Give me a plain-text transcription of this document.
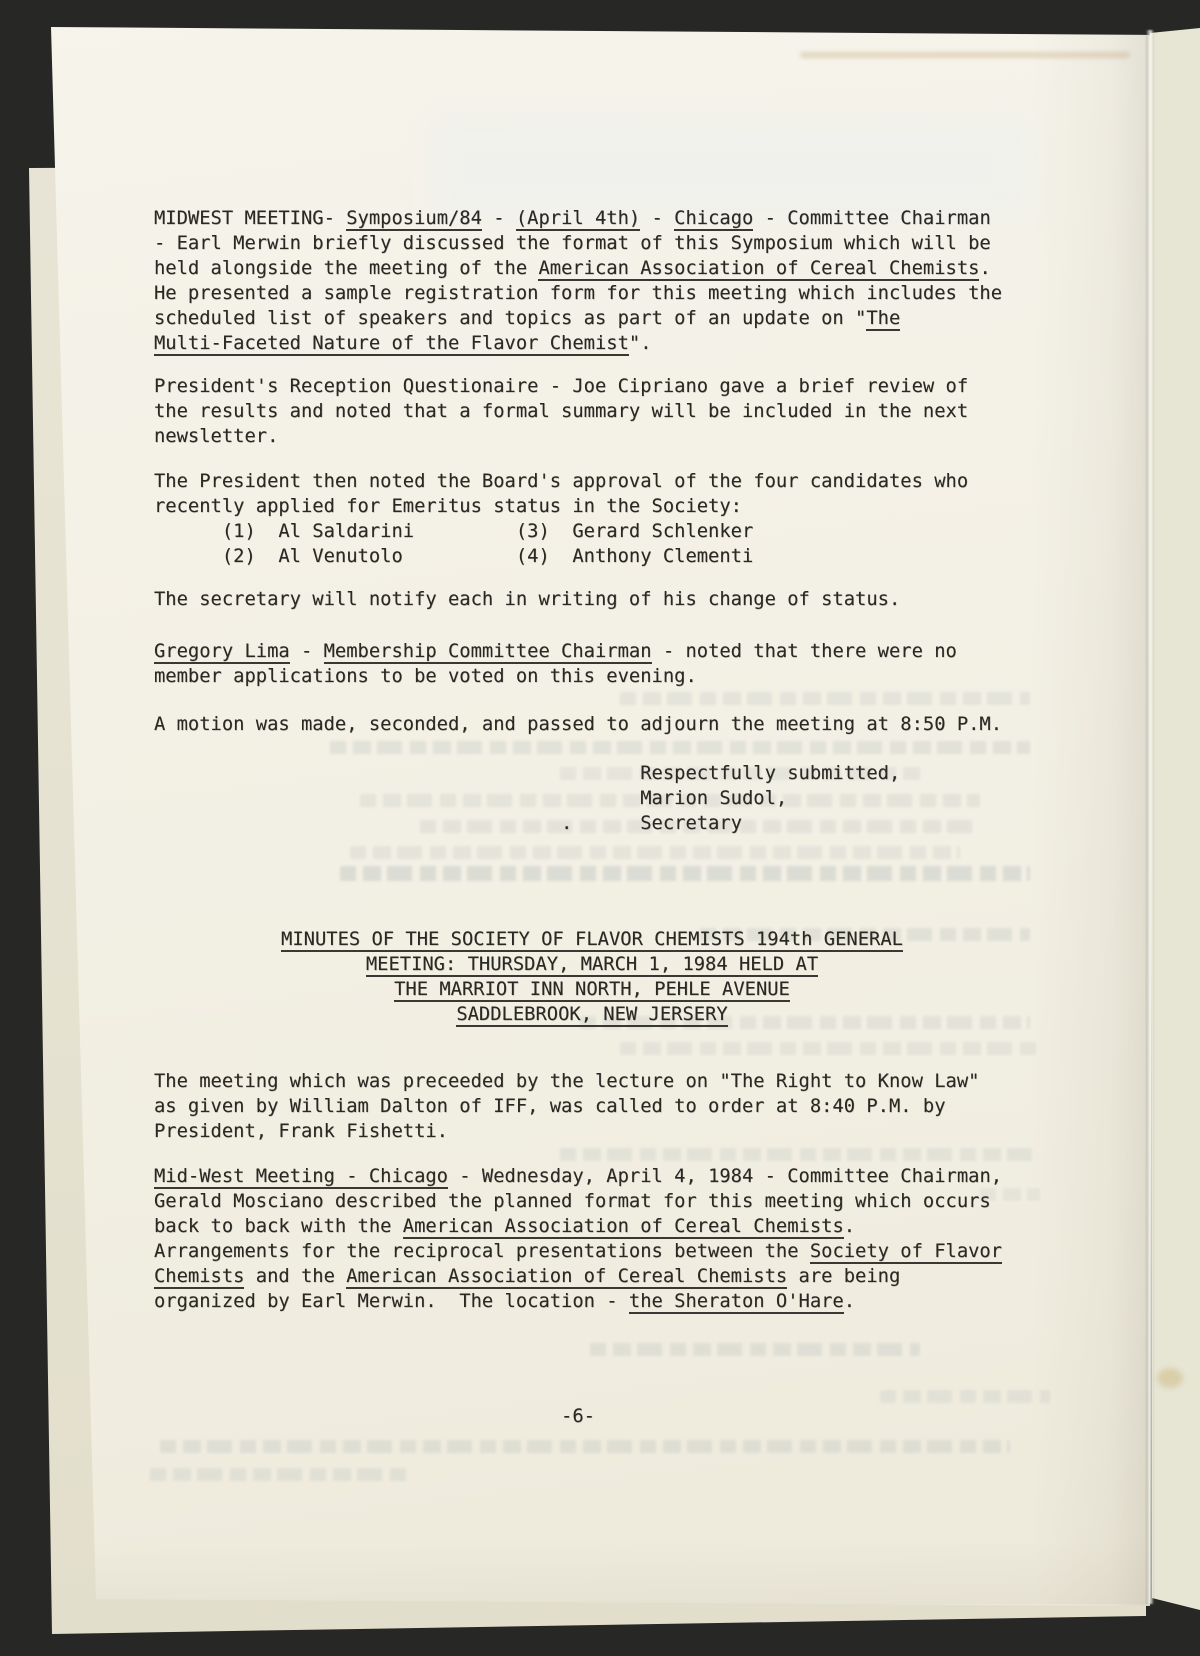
MIDWEST MEETING- Symposium/84 - (April 4th) - Chicago - Committee Chairman
- Earl Merwin briefly discussed the format of this Symposium which will be
held alongside the meeting of the American Association of Cereal Chemists.
He presented a sample registration form for this meeting which includes the
scheduled list of speakers and topics as part of an update on "The
Multi-Faceted Nature of the Flavor Chemist".
President's Reception Questionaire - Joe Cipriano gave a brief review of
the results and noted that a formal summary will be included in the next
newsletter.
The President then noted the Board's approval of the four candidates who
recently applied for Emeritus status in the Society:
(1)  Al Saldarini         (3)  Gerard Schlenker
(2)  Al Venutolo          (4)  Anthony Clementi
The secretary will notify each in writing of his change of status.
Gregory Lima - Membership Committee Chairman - noted that there were no
member applications to be voted on this evening.
A motion was made, seconded, and passed to adjourn the meeting at 8:50 P.M.
Respectfully submitted,
Marion Sudol,
.      Secretary
MINUTES OF THE SOCIETY OF FLAVOR CHEMISTS 194th GENERAL
MEETING: THURSDAY, MARCH 1, 1984 HELD AT
THE MARRIOT INN NORTH, PEHLE AVENUE
SADDLEBROOK, NEW JERSERY
The meeting which was preceeded by the lecture on "The Right to Know Law"
as given by William Dalton of IFF, was called to order at 8:40 P.M. by
President, Frank Fishetti.
Mid-West Meeting - Chicago - Wednesday, April 4, 1984 - Committee Chairman,
Gerald Mosciano described the planned format for this meeting which occurs
back to back with the American Association of Cereal Chemists.
Arrangements for the reciprocal presentations between the Society of Flavor
Chemists and the American Association of Cereal Chemists are being
organized by Earl Merwin.  The location - the Sheraton O'Hare.
-6-
